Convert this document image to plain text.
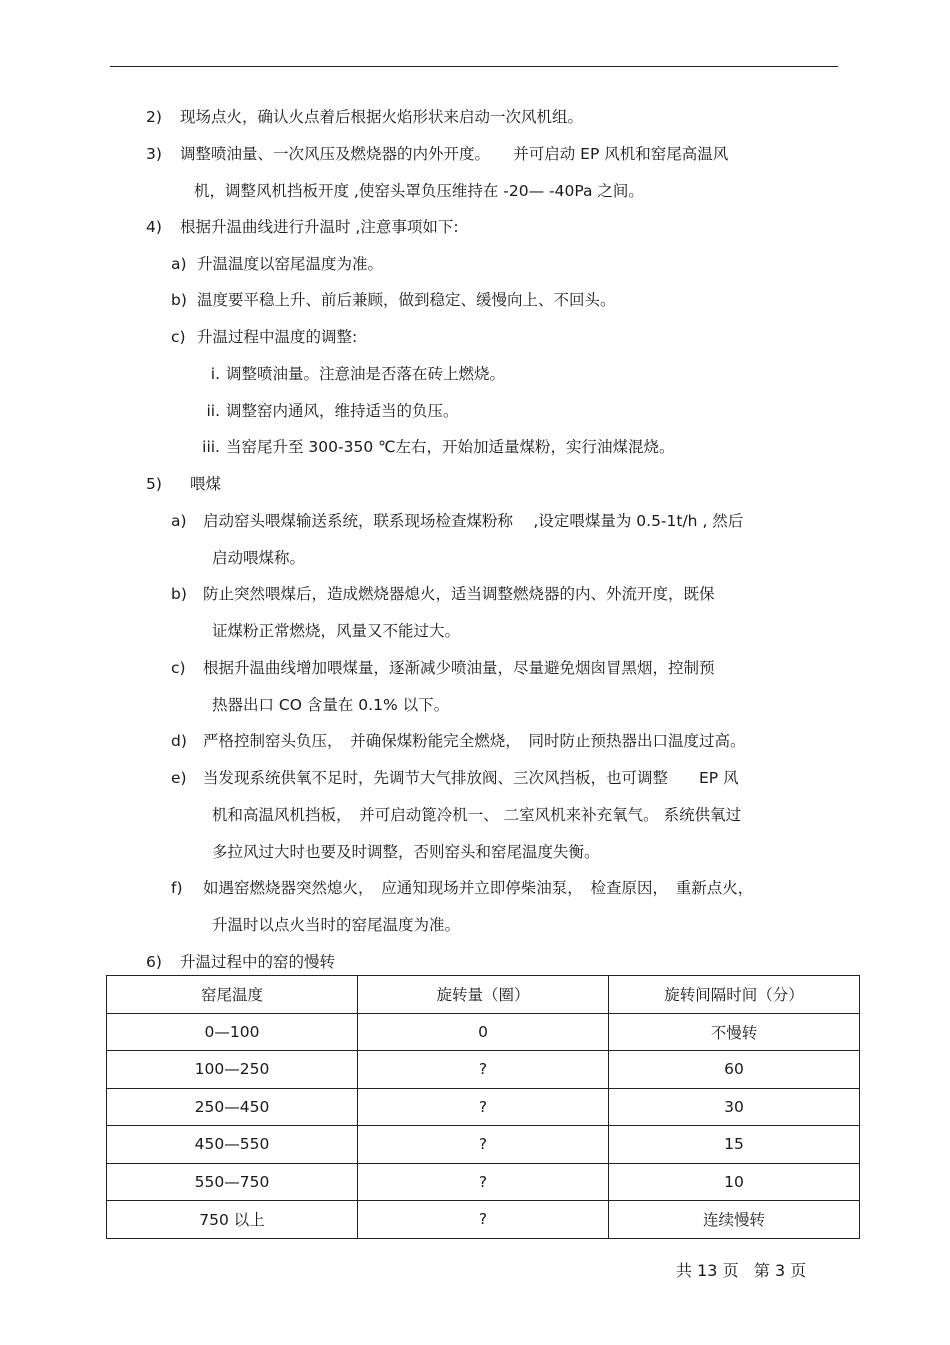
2) 现场点火，确认火点着后根据火焰形状来启动一次风机组。
3) 调整喷油量、一次风压及燃烧器的内外开度。　　并可启动 EP 风机和窑尾高温风
机，调整风机挡板开度 ,使窑头罩负压维持在 -20— -40Pa 之间。
4) 根据升温曲线进行升温时 ,注意事项如下:
a) 升温温度以窑尾温度为准。
b) 温度要平稳上升、前后兼顾，做到稳定、缓慢向上、不回头。
c) 升温过程中温度的调整:
i. 调整喷油量。注意油是否落在砖上燃烧。
ii. 调整窑内通风，维持适当的负压。
iii. 当窑尾升至 300-350 ℃左右，开始加适量煤粉，实行油煤混烧。
5) 喂煤
a) 启动窑头喂煤输送系统，联系现场检查煤粉称　 ,设定喂煤量为 0.5-1t/h , 然后
启动喂煤称。
b) 防止突然喂煤后，造成燃烧器熄火，适当调整燃烧器的内、外流开度，既保
证煤粉正常燃烧，风量又不能过大。
c) 根据升温曲线增加喂煤量，逐渐减少喷油量，尽量避免烟囱冒黑烟，控制预
热器出口 CO 含量在 0.1% 以下。
d) 严格控制窑头负压，　并确保煤粉能完全燃烧，　同时防止预热器出口温度过高。
e) 当发现系统供氧不足时，先调节大气排放阀、三次风挡板，也可调整　　EP 风
机和高温风机挡板，　并可启动篦冷机一、 二室风机来补充氧气。 系统供氧过
多拉风过大时也要及时调整，否则窑头和窑尾温度失衡。
f) 如遇窑燃烧器突然熄火，　应通知现场并立即停柴油泵，　检查原因，　重新点火，
升温时以点火当时的窑尾温度为准。
6) 升温过程中的窑的慢转
窑尾温度	旋转量（圈）	旋转间隔时间（分）
0—100	0	不慢转
100—250	?	60
250—450	?	30
450—550	?	15
550—750	?	10
750 以上	?	连续慢转
共 13 页 第 3 页
